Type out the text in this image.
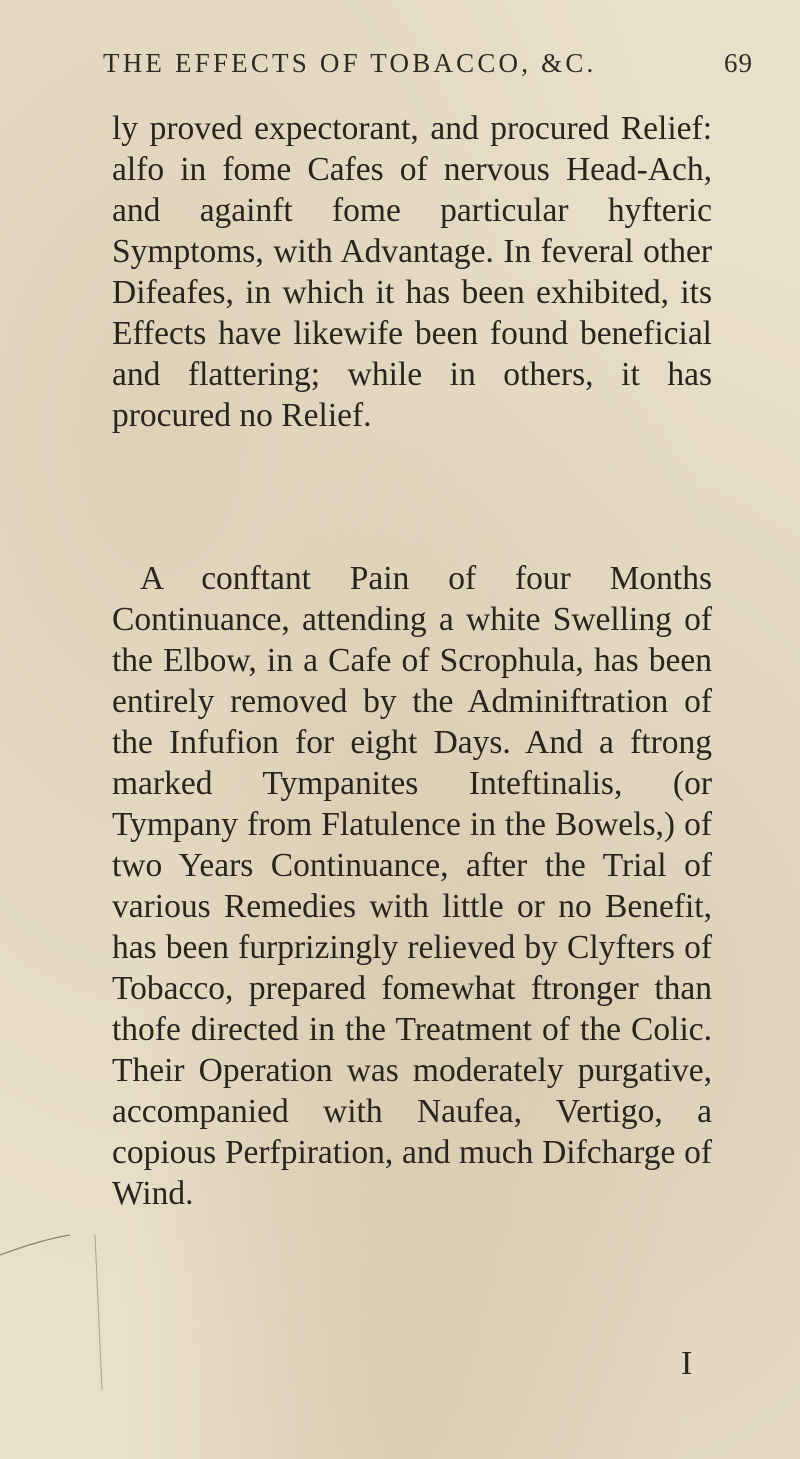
THE EFFECTS OF TOBACCO, &C.	69
ly proved expectorant, and procured Relief: alfo in fome Cafes of nervous Head-Ach, and againft fome particular hyfteric Symptoms, with Advantage. In feveral other Difeafes, in which it has been exhibited, its Effects have likewife been found beneficial and flattering; while in others, it has procured no Relief.
A conftant Pain of four Months Continuance, attending a white Swelling of the Elbow, in a Cafe of Scrophula, has been entirely removed by the Adminiftration of the Infufion for eight Days. And a ftrong marked Tympanites Inteftinalis, (or Tympany from Flatulence in the Bowels,) of two Years Continuance, after the Trial of various Remedies with little or no Benefit, has been furprizingly relieved by Clyfters of Tobacco, prepared fomewhat ftronger than thofe directed in the Treatment of the Colic. Their Operation was moderately purgative, accompanied with Naufea, Vertigo, a copious Perfpiration, and much Difcharge of Wind.
I
